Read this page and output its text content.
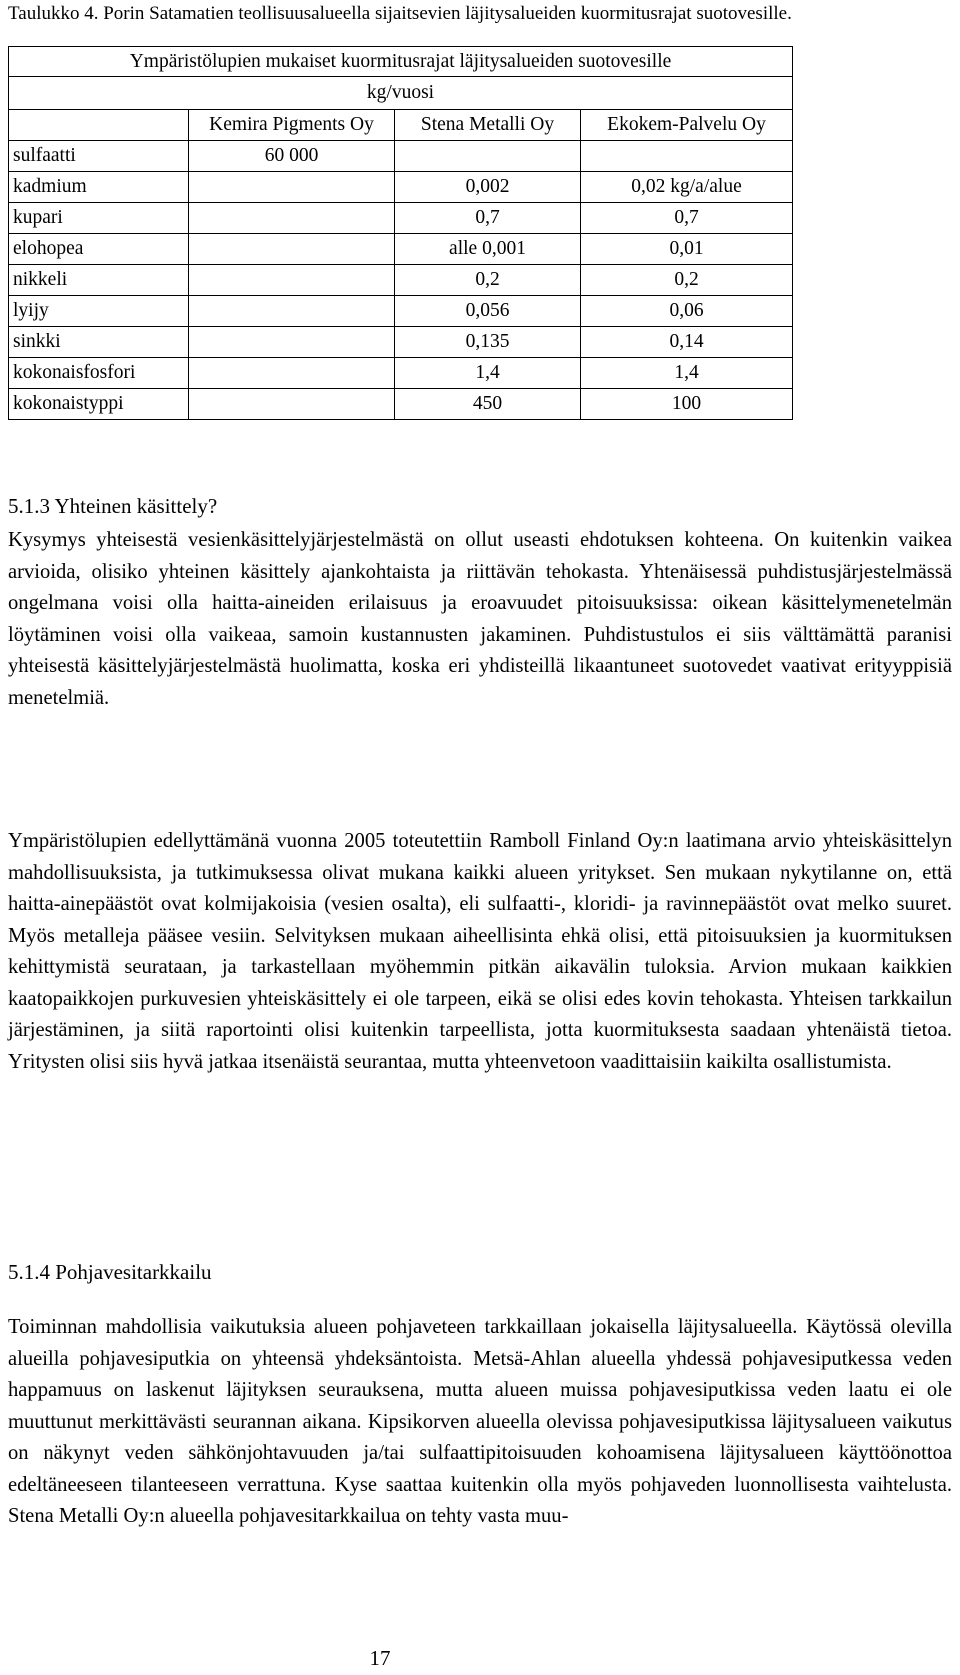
Taulukko 4. Porin Satamatien teollisuusalueella sijaitsevien läjitysalueiden kuormitusrajat suotovesille.

Ympäristölupien mukaiset kuormitusrajat läjitysalueiden suotovesille			
kg/vuosi			
	Kemira Pigments Oy	Stena Metalli Oy	Ekokem-Palvelu Oy
sulfaatti	60 000		
kadmium		0,002	0,02 kg/a/alue
kupari		0,7	0,7
elohopea		alle 0,001	0,01
nikkeli		0,2	0,2
lyijy		0,056	0,06
sinkki		0,135	0,14
kokonaisfosfori		1,4	1,4
kokonaistyppi		450	100
5.1.3 Yhteinen käsittely?

Kysymys yhteisestä vesienkäsittelyjärjestelmästä on ollut useasti ehdotuksen kohteena. On kuitenkin vaikea arvioida, olisiko yhteinen käsittely ajankohtaista ja riittävän tehokasta. Yhtenäisessä puhdistusjärjestelmässä ongelmana voisi olla haitta-aineiden erilaisuus ja eroavuudet pitoisuuksissa: oikean käsittelymenetelmän löytäminen voisi olla vaikeaa, samoin kustannusten jakaminen. Puhdistustulos ei siis välttämättä paranisi yhteisestä käsittelyjärjestelmästä huolimatta, koska eri yhdisteillä likaantuneet suotovedet vaativat erityyppisiä menetelmiä.

Ympäristölupien edellyttämänä vuonna 2005 toteutettiin Ramboll Finland Oy:n laatimana arvio yhteiskäsittelyn mahdollisuuksista, ja tutkimuksessa olivat mukana kaikki alueen yritykset. Sen mukaan nykytilanne on, että haitta-ainepäästöt ovat kolmijakoisia (vesien osalta), eli sulfaatti-, kloridi- ja ravinnepäästöt ovat melko suuret. Myös metalleja pääsee vesiin. Selvityksen mukaan aiheellisinta ehkä olisi, että pitoisuuksien ja kuormituksen kehittymistä seurataan, ja tarkastellaan myöhemmin pitkän aikavälin tuloksia. Arvion mukaan kaikkien kaatopaikkojen purkuvesien yhteiskäsittely ei ole tarpeen, eikä se olisi edes kovin tehokasta. Yhteisen tarkkailun järjestäminen, ja siitä raportointi olisi kuitenkin tarpeellista, jotta kuormituksesta saadaan yhtenäistä tietoa. Yritysten olisi siis hyvä jatkaa itsenäistä seurantaa, mutta yhteenvetoon vaadittaisiin kaikilta osallistumista.

5.1.4 Pohjavesitarkkailu

Toiminnan mahdollisia vaikutuksia alueen pohjaveteen tarkkaillaan jokaisella läjitysalueella. Käytössä olevilla alueilla pohjavesiputkia on yhteensä yhdeksäntoista. Metsä-Ahlan alueella yhdessä pohjavesiputkessa veden happamuus on laskenut läjityksen seurauksena, mutta alueen muissa pohjavesiputkissa veden laatu ei ole muuttunut merkittävästi seurannan aikana. Kipsikorven alueella olevissa pohjavesiputkissa läjitysalueen vaikutus on näkynyt veden sähkönjohtavuuden ja/tai sulfaattipitoisuuden kohoamisena läjitysalueen käyttöönottoa edeltäneeseen tilanteeseen verrattuna. Kyse saattaa kuitenkin olla myös pohjaveden luonnollisesta vaihtelusta. Stena Metalli Oy:n alueella pohjavesitarkkailua on tehty vasta muu-

17
